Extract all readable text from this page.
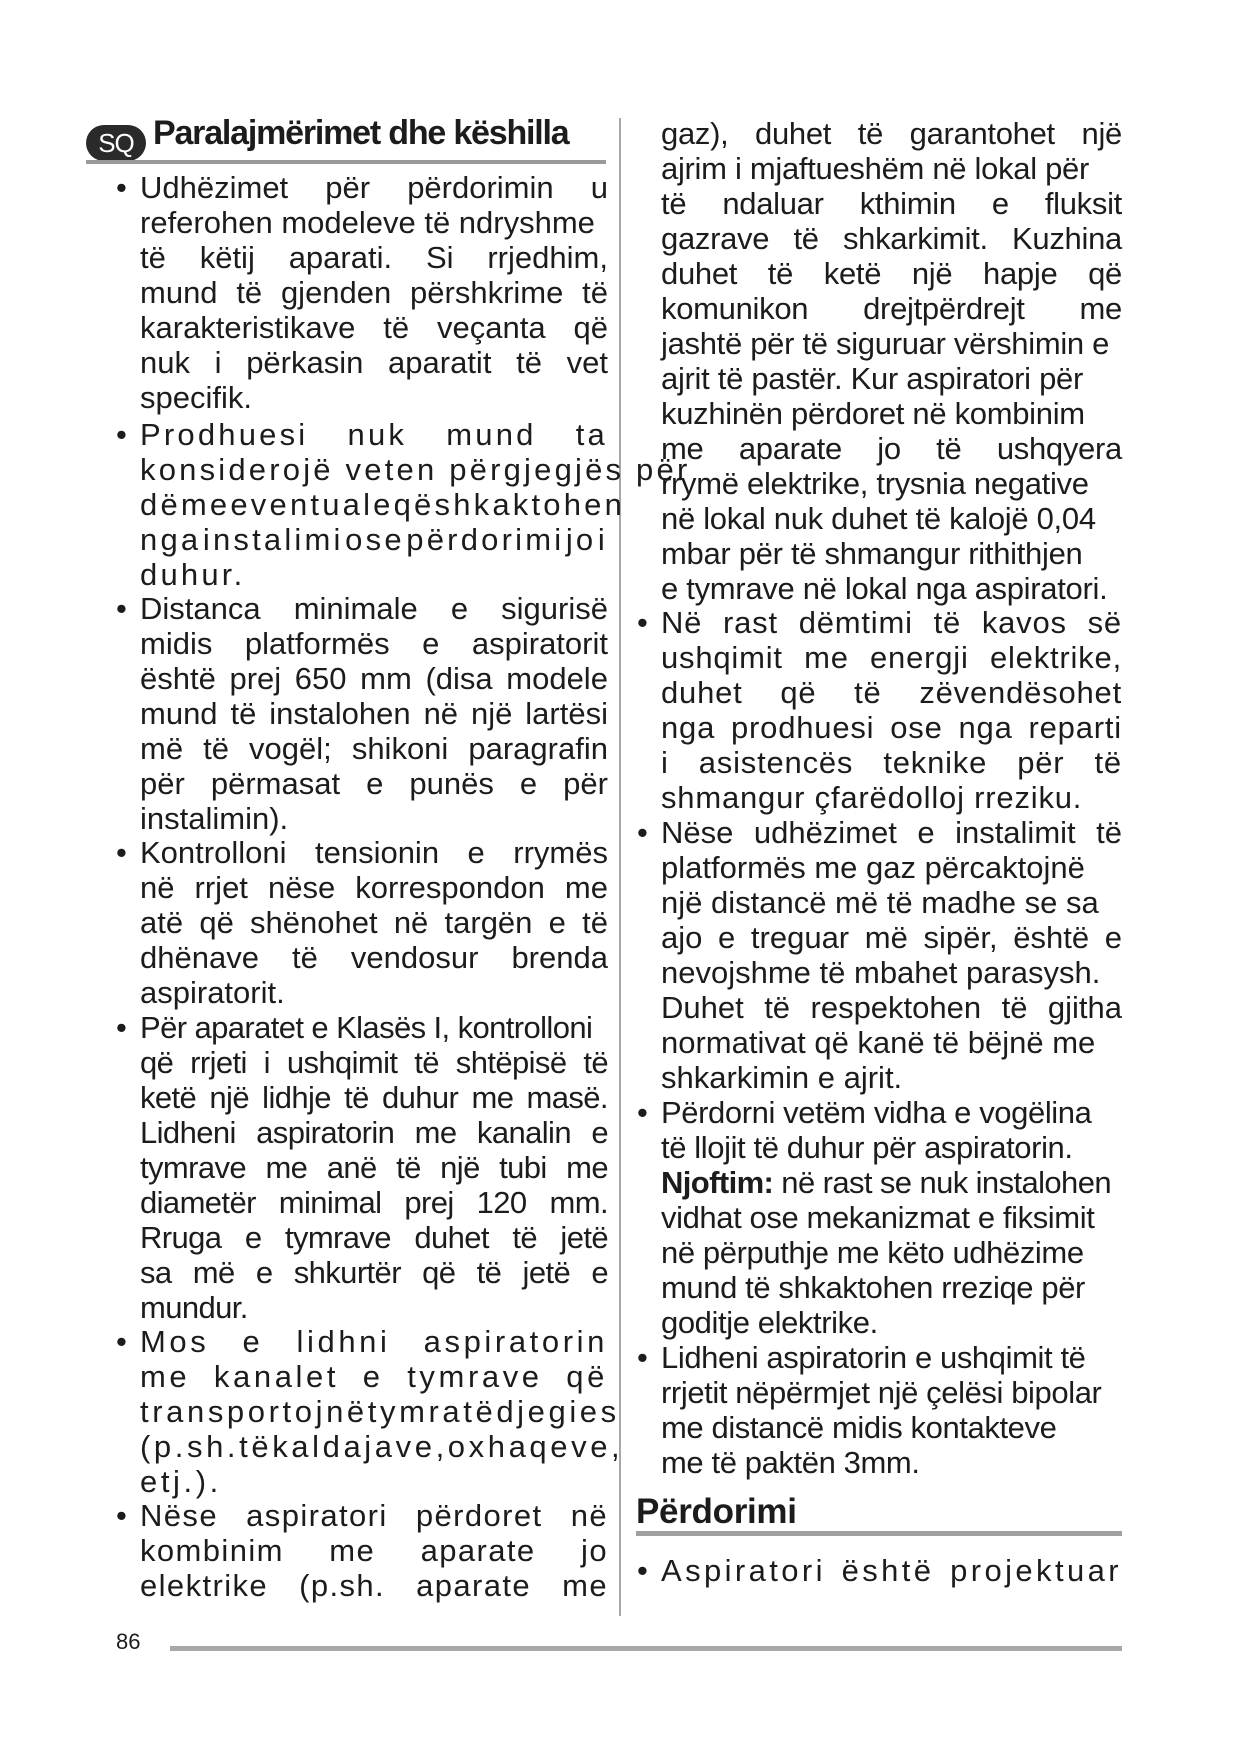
SQ Paralajmërimet dhe këshilla
• Udhëzimet për përdorimin u
referohen modeleve të ndryshme
të këtij aparati. Si rrjedhim,
mund të gjenden përshkrime të
karakteristikave të veçanta që
nuk i përkasin aparatit të vet
specifik.
• Prodhuesi nuk mund ta
konsiderojë veten përgjegjës për
dëme eventuale që shkaktohen
nga instalimi ose përdorimi jo i
duhur.
• Distanca minimale e sigurisë
midis platformës e aspiratorit
është prej 650 mm (disa modele
mund të instalohen në një lartësi
më të vogël; shikoni paragrafin
për përmasat e punës e për
instalimin).
• Kontrolloni tensionin e rrymës
në rrjet nëse korrespondon me
atë që shënohet në targën e të
dhënave të vendosur brenda
aspiratorit.
• Për aparatet e Klasës I, kontrolloni
që rrjeti i ushqimit të shtëpisë të
ketë një lidhje të duhur me masë.
Lidheni aspiratorin me kanalin e
tymrave me anë të një tubi me
diametër minimal prej 120 mm.
Rruga e tymrave duhet të jetë
sa më e shkurtër që të jetë e
mundur.
• Mos e lidhni aspiratorin
me kanalet e tymrave që
transportojnë tymra të djegies
(p.sh. të kaldajave, oxhaqeve,
etj.).
• Nëse aspiratori përdoret në
kombinim me aparate jo
elektrike (p.sh. aparate me
gaz), duhet të garantohet një
ajrim i mjaftueshëm në lokal për
të ndaluar kthimin e fluksit
gazrave të shkarkimit. Kuzhina
duhet të ketë një hapje që
komunikon drejtpërdrejt me
jashtë për të siguruar vërshimin e
ajrit të pastër. Kur aspiratori për
kuzhinën përdoret në kombinim
me aparate jo të ushqyera
rrymë elektrike, trysnia negative
në lokal nuk duhet të kalojë 0,04
mbar për të shmangur rithithjen
e tymrave në lokal nga aspiratori.
• Në rast dëmtimi të kavos së
ushqimit me energji elektrike,
duhet që të zëvendësohet
nga prodhuesi ose nga reparti
i asistencës teknike për të
shmangur çfarëdolloj rreziku.
• Nëse udhëzimet e instalimit të
platformës me gaz përcaktojnë
një distancë më të madhe se sa
ajo e treguar më sipër, është e
nevojshme të mbahet parasysh.
Duhet të respektohen të gjitha
normativat që kanë të bëjnë me
shkarkimin e ajrit.
• Përdorni vetëm vidha e vogëlina
të llojit të duhur për aspiratorin.
vidhat ose mekanizmat e fiksimit
në përputhje me këto udhëzime
mund të shkaktohen rreziqe për
goditje elektrike.
• Lidheni aspiratorin e ushqimit të
rrjetit nëpërmjet një çelësi bipolar
me distancë midis kontakteve
me të paktën 3mm.
Njoftim: në rast se nuk instalohen
• Aspiratori është projektuar
Përdorimi
86
